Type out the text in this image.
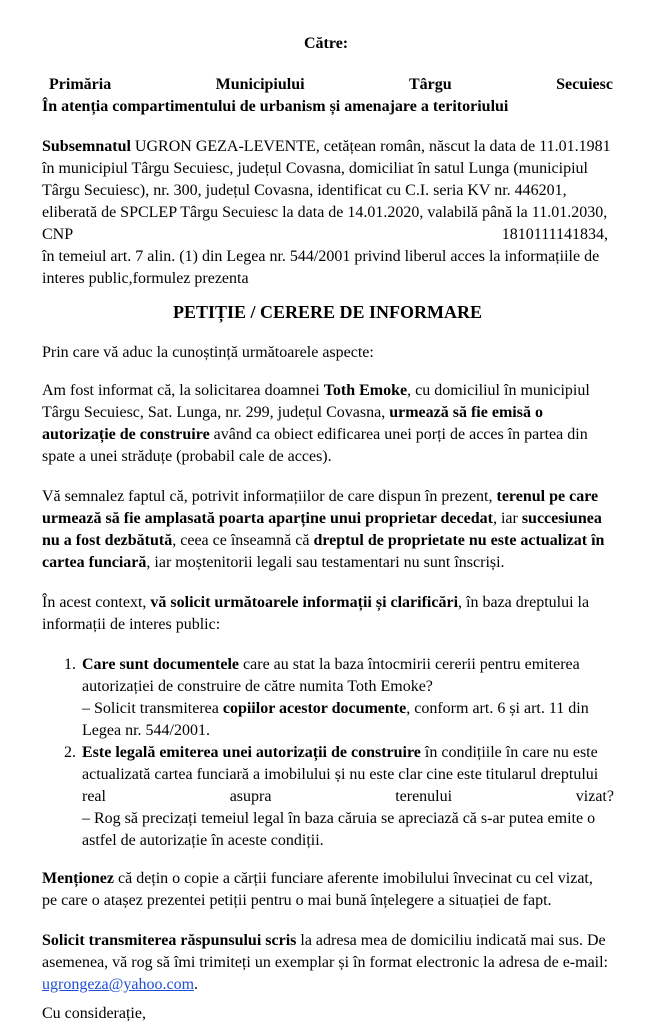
Către:
Primăria	Municipiului	Târgu	Secuiesc
În atenția compartimentului de urbanism și amenajare a teritoriului
Subsemnatul UGRON GEZA-LEVENTE, cetățean român, născut la data de 11.01.1981
în municipiul Târgu Secuiesc, județul Covasna, domiciliat în satul Lunga (municipiul
Târgu Secuiesc), nr. 300, județul Covasna, identificat cu C.I. seria KV nr. 446201,
eliberată de SPCLEP Târgu Secuiesc la data de 14.01.2020, valabilă până la 11.01.2030,
CNP	1810111141834,
în temeiul art. 7 alin. (1) din Legea nr. 544/2001 privind liberul acces la informațiile de
interes public,formulez prezenta
PETIȚIE / CERERE DE INFORMARE
Prin care vă aduc la cunoștință următoarele aspecte:
Am fost informat că, la solicitarea doamnei Toth Emoke, cu domiciliul în municipiul
Târgu Secuiesc, Sat. Lunga, nr. 299, județul Covasna, urmează să fie emisă o
autorizație de construire având ca obiect edificarea unei porți de acces în partea din
spate a unei străduțe (probabil cale de acces).
Vă semnalez faptul că, potrivit informațiilor de care dispun în prezent, terenul pe care
urmează să fie amplasată poarta aparține unui proprietar decedat, iar succesiunea
nu a fost dezbătută, ceea ce înseamnă că dreptul de proprietate nu este actualizat în
cartea funciară, iar moștenitorii legali sau testamentari nu sunt înscriși.
În acest context, vă solicit următoarele informații și clarificări, în baza dreptului la
informații de interes public:
1. Care sunt documentele care au stat la baza întocmirii cererii pentru emiterea
autorizației de construire de către numita Toth Emoke?
– Solicit transmiterea copiilor acestor documente, conform art. 6 și art. 11 din
Legea nr. 544/2001.
2. Este legală emiterea unei autorizații de construire în condițiile în care nu este
actualizată cartea funciară a imobilului și nu este clar cine este titularul dreptului
real	asupra	terenului	vizat?
– Rog să precizați temeiul legal în baza căruia se apreciază că s-ar putea emite o
astfel de autorizație în aceste condiții.
Menționez că dețin o copie a cărții funciare aferente imobilului învecinat cu cel vizat,
pe care o atașez prezentei petiții pentru o mai bună înțelegere a situației de fapt.
Solicit transmiterea răspunsului scris la adresa mea de domiciliu indicată mai sus. De
asemenea, vă rog să îmi trimiteți un exemplar și în format electronic la adresa de e-mail:
ugrongeza@yahoo.com.
Cu considerație,
